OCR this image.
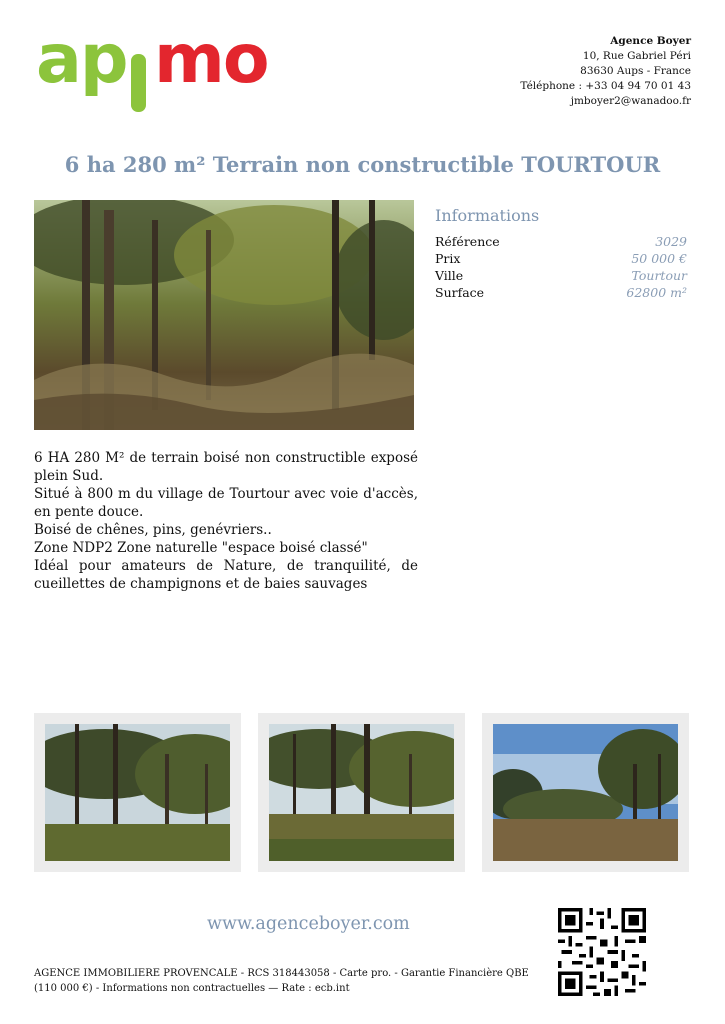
ap mo	Agence Boyer
10, Rue Gabriel Péri
83630 Aups - France
Téléphone : +33 04 94 70 01 43
jmboyer2@wanadoo.fr
6 ha 280 m² Terrain non constructible TOURTOUR
Informations
Référence	3029
Prix	50 000 €
Ville	Tourtour
Surface	62800 m²

6 HA 280 M² de terrain boisé non constructible exposé plein Sud.

Situé à 800 m du village de Tourtour avec voie d'accès, en pente douce.

Boisé de chênes, pins, genévriers..

Zone NDP2 Zone naturelle "espace boisé classé"

Idéal pour amateurs de Nature, de tranquilité, de cueillettes de champignons et de baies sauvages

www.agenceboyer.com
AGENCE IMMOBILIERE PROVENCALE - RCS 318443058 - Carte pro. - Garantie Financière QBE
(110 000 €) - Informations non contractuelles — Rate : ecb.int
